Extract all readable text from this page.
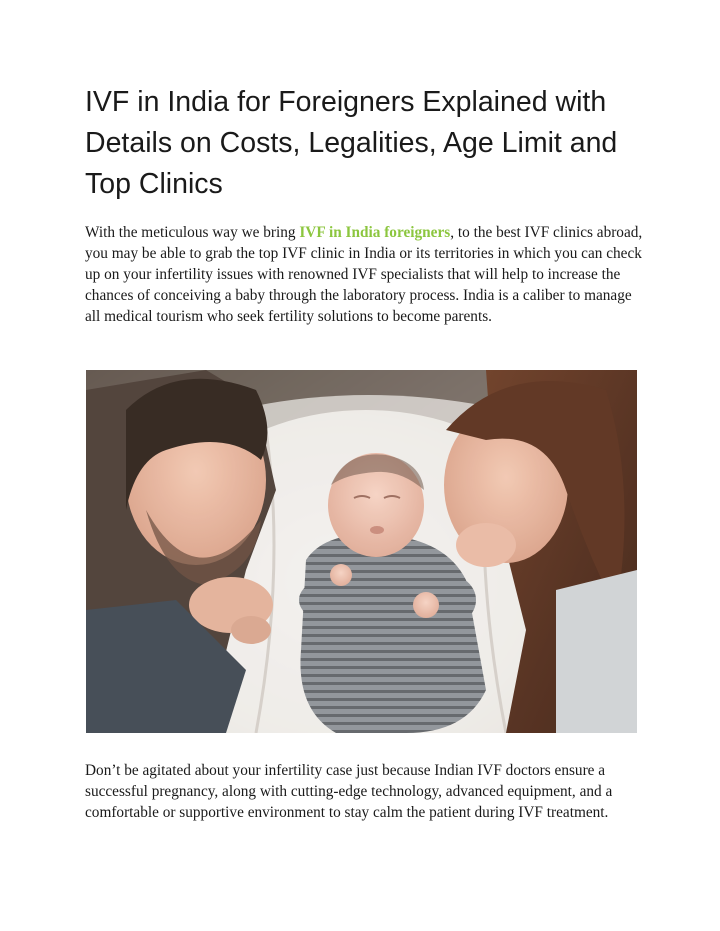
IVF in India for Foreigners Explained with Details on Costs, Legalities, Age Limit and Top Clinics

With the meticulous way we bring IVF in India foreigners, to the best IVF clinics abroad, you may be able to grab the top IVF clinic in India or its territories in which you can check up on your infertility issues with renowned IVF specialists that will help to increase the chances of conceiving a baby through the laboratory process. India is a caliber to manage all medical tourism who seek fertility solutions to become parents.

Don’t be agitated about your infertility case just because Indian IVF doctors ensure a successful pregnancy, along with cutting-edge technology, advanced equipment, and a comfortable or supportive environment to stay calm the patient during IVF treatment.
